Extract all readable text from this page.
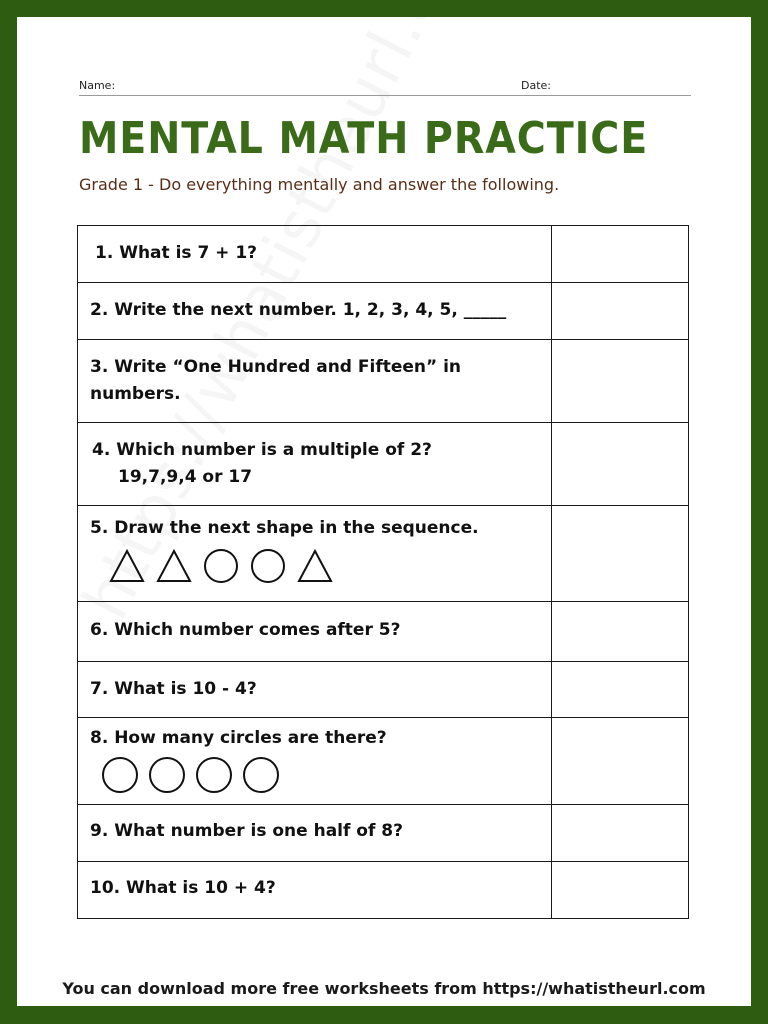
Name:	Date:
MENTAL MATH PRACTICE

Grade 1 - Do everything mentally and answer the following.

1. What is 7 + 1?	

2. Write the next number. 1, 2, 3, 4, 5, _____	

3. Write “One Hundred and Fifteen” in numbers.	

4. Which number is a multiple of 2?
19,7,9,4 or 17	

5. Draw the next shape in the sequence.	

6. Which number comes after 5?	

7. What is 10 - 4?	

8. How many circles are there?	

9. What number is one half of 8?	

10. What is 10 + 4?	

You can download more free worksheets from https://whatistheurl.com
